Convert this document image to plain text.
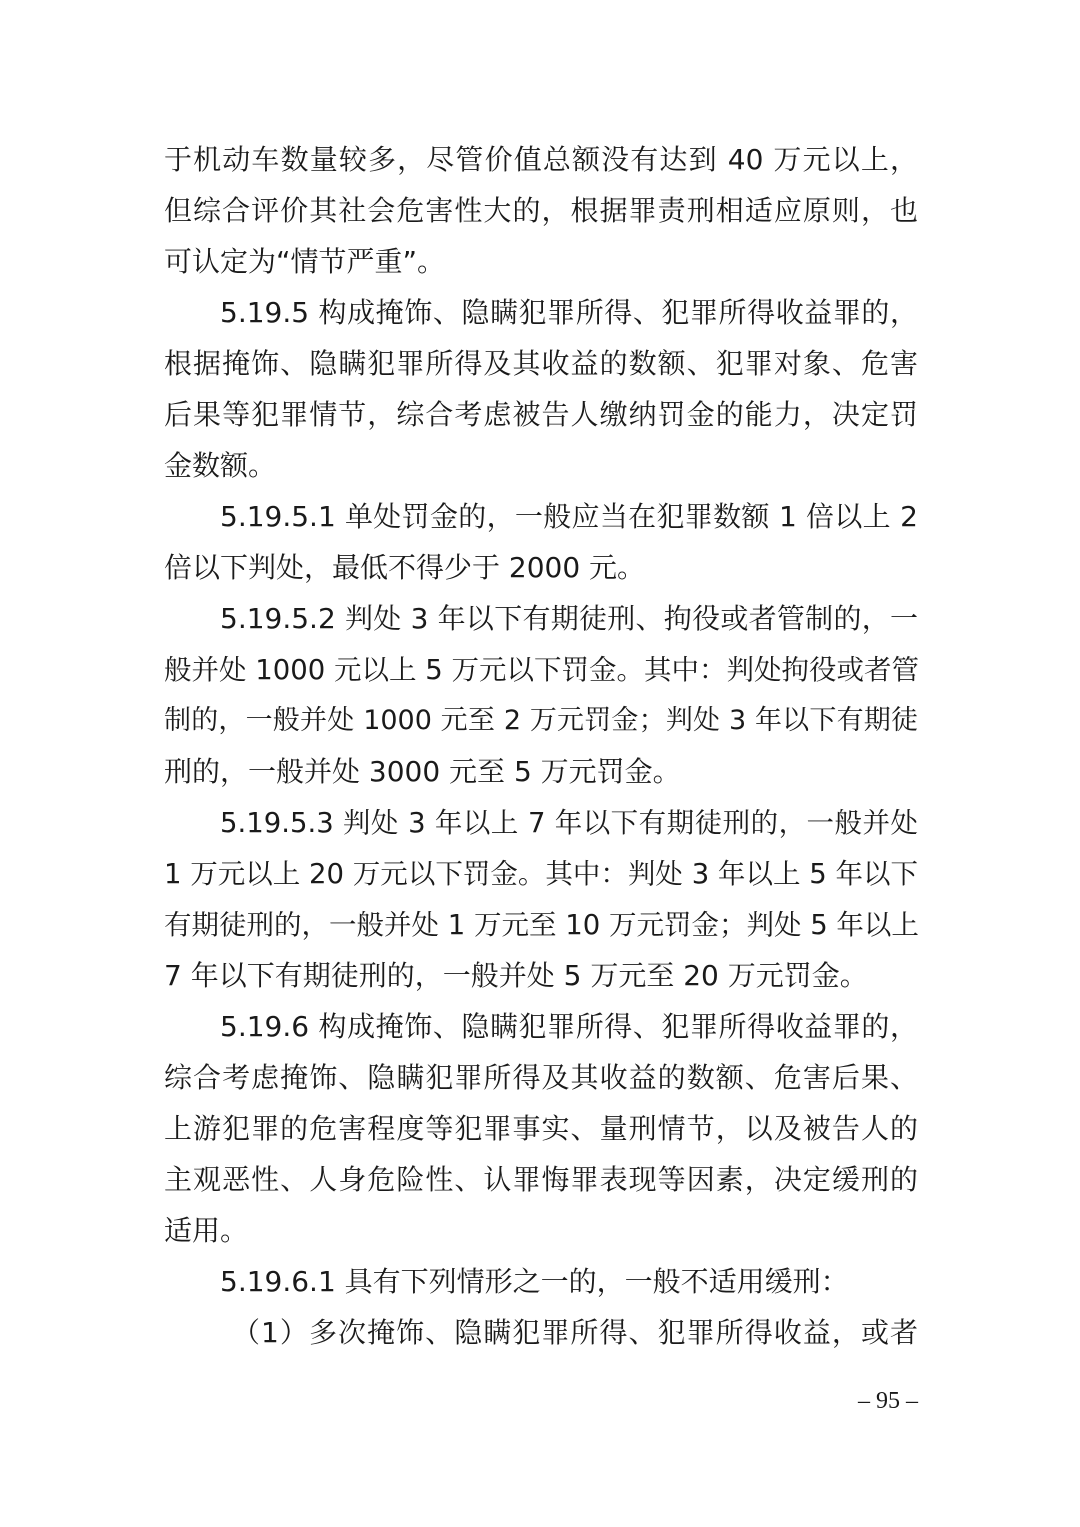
于机动车数量较多，尽管价值总额没有达到 40 万元以上，
但综合评价其社会危害性大的，根据罪责刑相适应原则，也
可认定为“情节严重”。
5.19.5 构成掩饰、隐瞒犯罪所得、犯罪所得收益罪的，
根据掩饰、隐瞒犯罪所得及其收益的数额、犯罪对象、危害
后果等犯罪情节，综合考虑被告人缴纳罚金的能力，决定罚
金数额。
5.19.5.1 单处罚金的，一般应当在犯罪数额 1 倍以上 2
倍以下判处，最低不得少于 2000 元。
5.19.5.2 判处 3 年以下有期徒刑、拘役或者管制的，一
般并处 1000 元以上 5 万元以下罚金。其中：判处拘役或者管
制的，一般并处 1000 元至 2 万元罚金；判处 3 年以下有期徒
刑的，一般并处 3000 元至 5 万元罚金。
5.19.5.3 判处 3 年以上 7 年以下有期徒刑的，一般并处
1 万元以上 20 万元以下罚金。其中：判处 3 年以上 5 年以下
有期徒刑的，一般并处 1 万元至 10 万元罚金；判处 5 年以上
7 年以下有期徒刑的，一般并处 5 万元至 20 万元罚金。
5.19.6 构成掩饰、隐瞒犯罪所得、犯罪所得收益罪的，
综合考虑掩饰、隐瞒犯罪所得及其收益的数额、危害后果、
上游犯罪的危害程度等犯罪事实、量刑情节，以及被告人的
主观恶性、人身危险性、认罪悔罪表现等因素，决定缓刑的
适用。
5.19.6.1 具有下列情形之一的，一般不适用缓刑：
（1）多次掩饰、隐瞒犯罪所得、犯罪所得收益，或者
– 95 –
